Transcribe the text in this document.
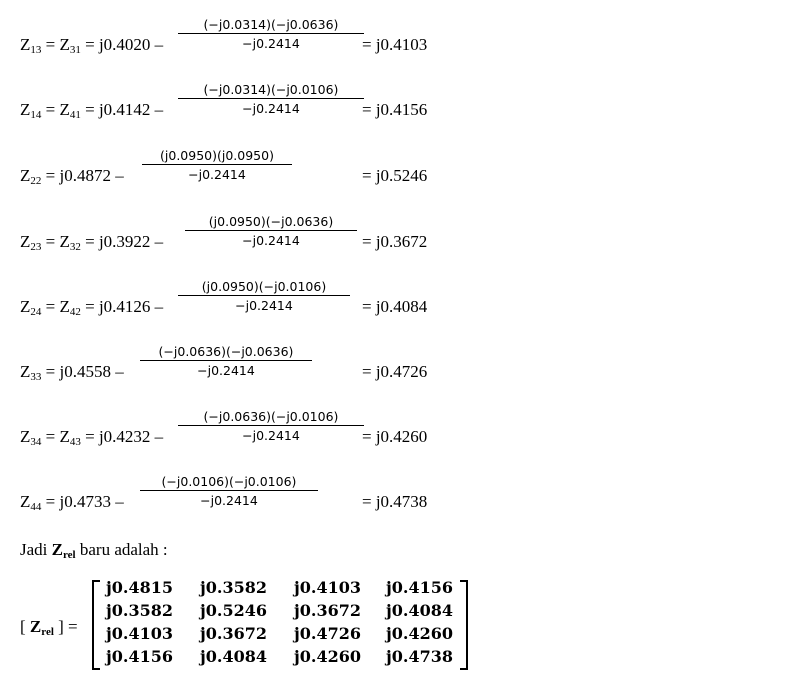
$Z_{13} = Z_{31} = j0.4020$ –
(−j0.0314)(−j0.0636)
−j0.2414	= j0.4103
$Z_{14} = Z_{41} = j0.4142$ –
(−j0.0314)(−j0.0106)
−j0.2414	= j0.4156
$Z_{22} = j0.4872$ –
(j0.0950)(j0.0950)
−j0.2414	= j0.5246
$Z_{23} = Z_{32} = j0.3922$ –
(j0.0950)(−j0.0636)
−j0.2414	= j0.3672
$Z_{24} = Z_{42} = j0.4126$ –
(j0.0950)(−j0.0106)
−j0.2414	= j0.4084
$Z_{33} = j0.4558$ –
(−j0.0636)(−j0.0636)
−j0.2414	= j0.4726
$Z_{34} = Z_{43} = j0.4232$ –
(−j0.0636)(−j0.0106)
−j0.2414	= j0.4260
$Z_{44} = j0.4733$ –
(−j0.0106)(−j0.0106)
−j0.2414	= j0.4738
Jadi $Z_{rel}$ baru adalah :
[ $Z_{rel}$ ] =
j0.4815	j0.3582	j0.4103	j0.4156
j0.3582	j0.5246	j0.3672	j0.4084
j0.4103	j0.3672	j0.4726	j0.4260
j0.4156	j0.4084	j0.4260	j0.4738
